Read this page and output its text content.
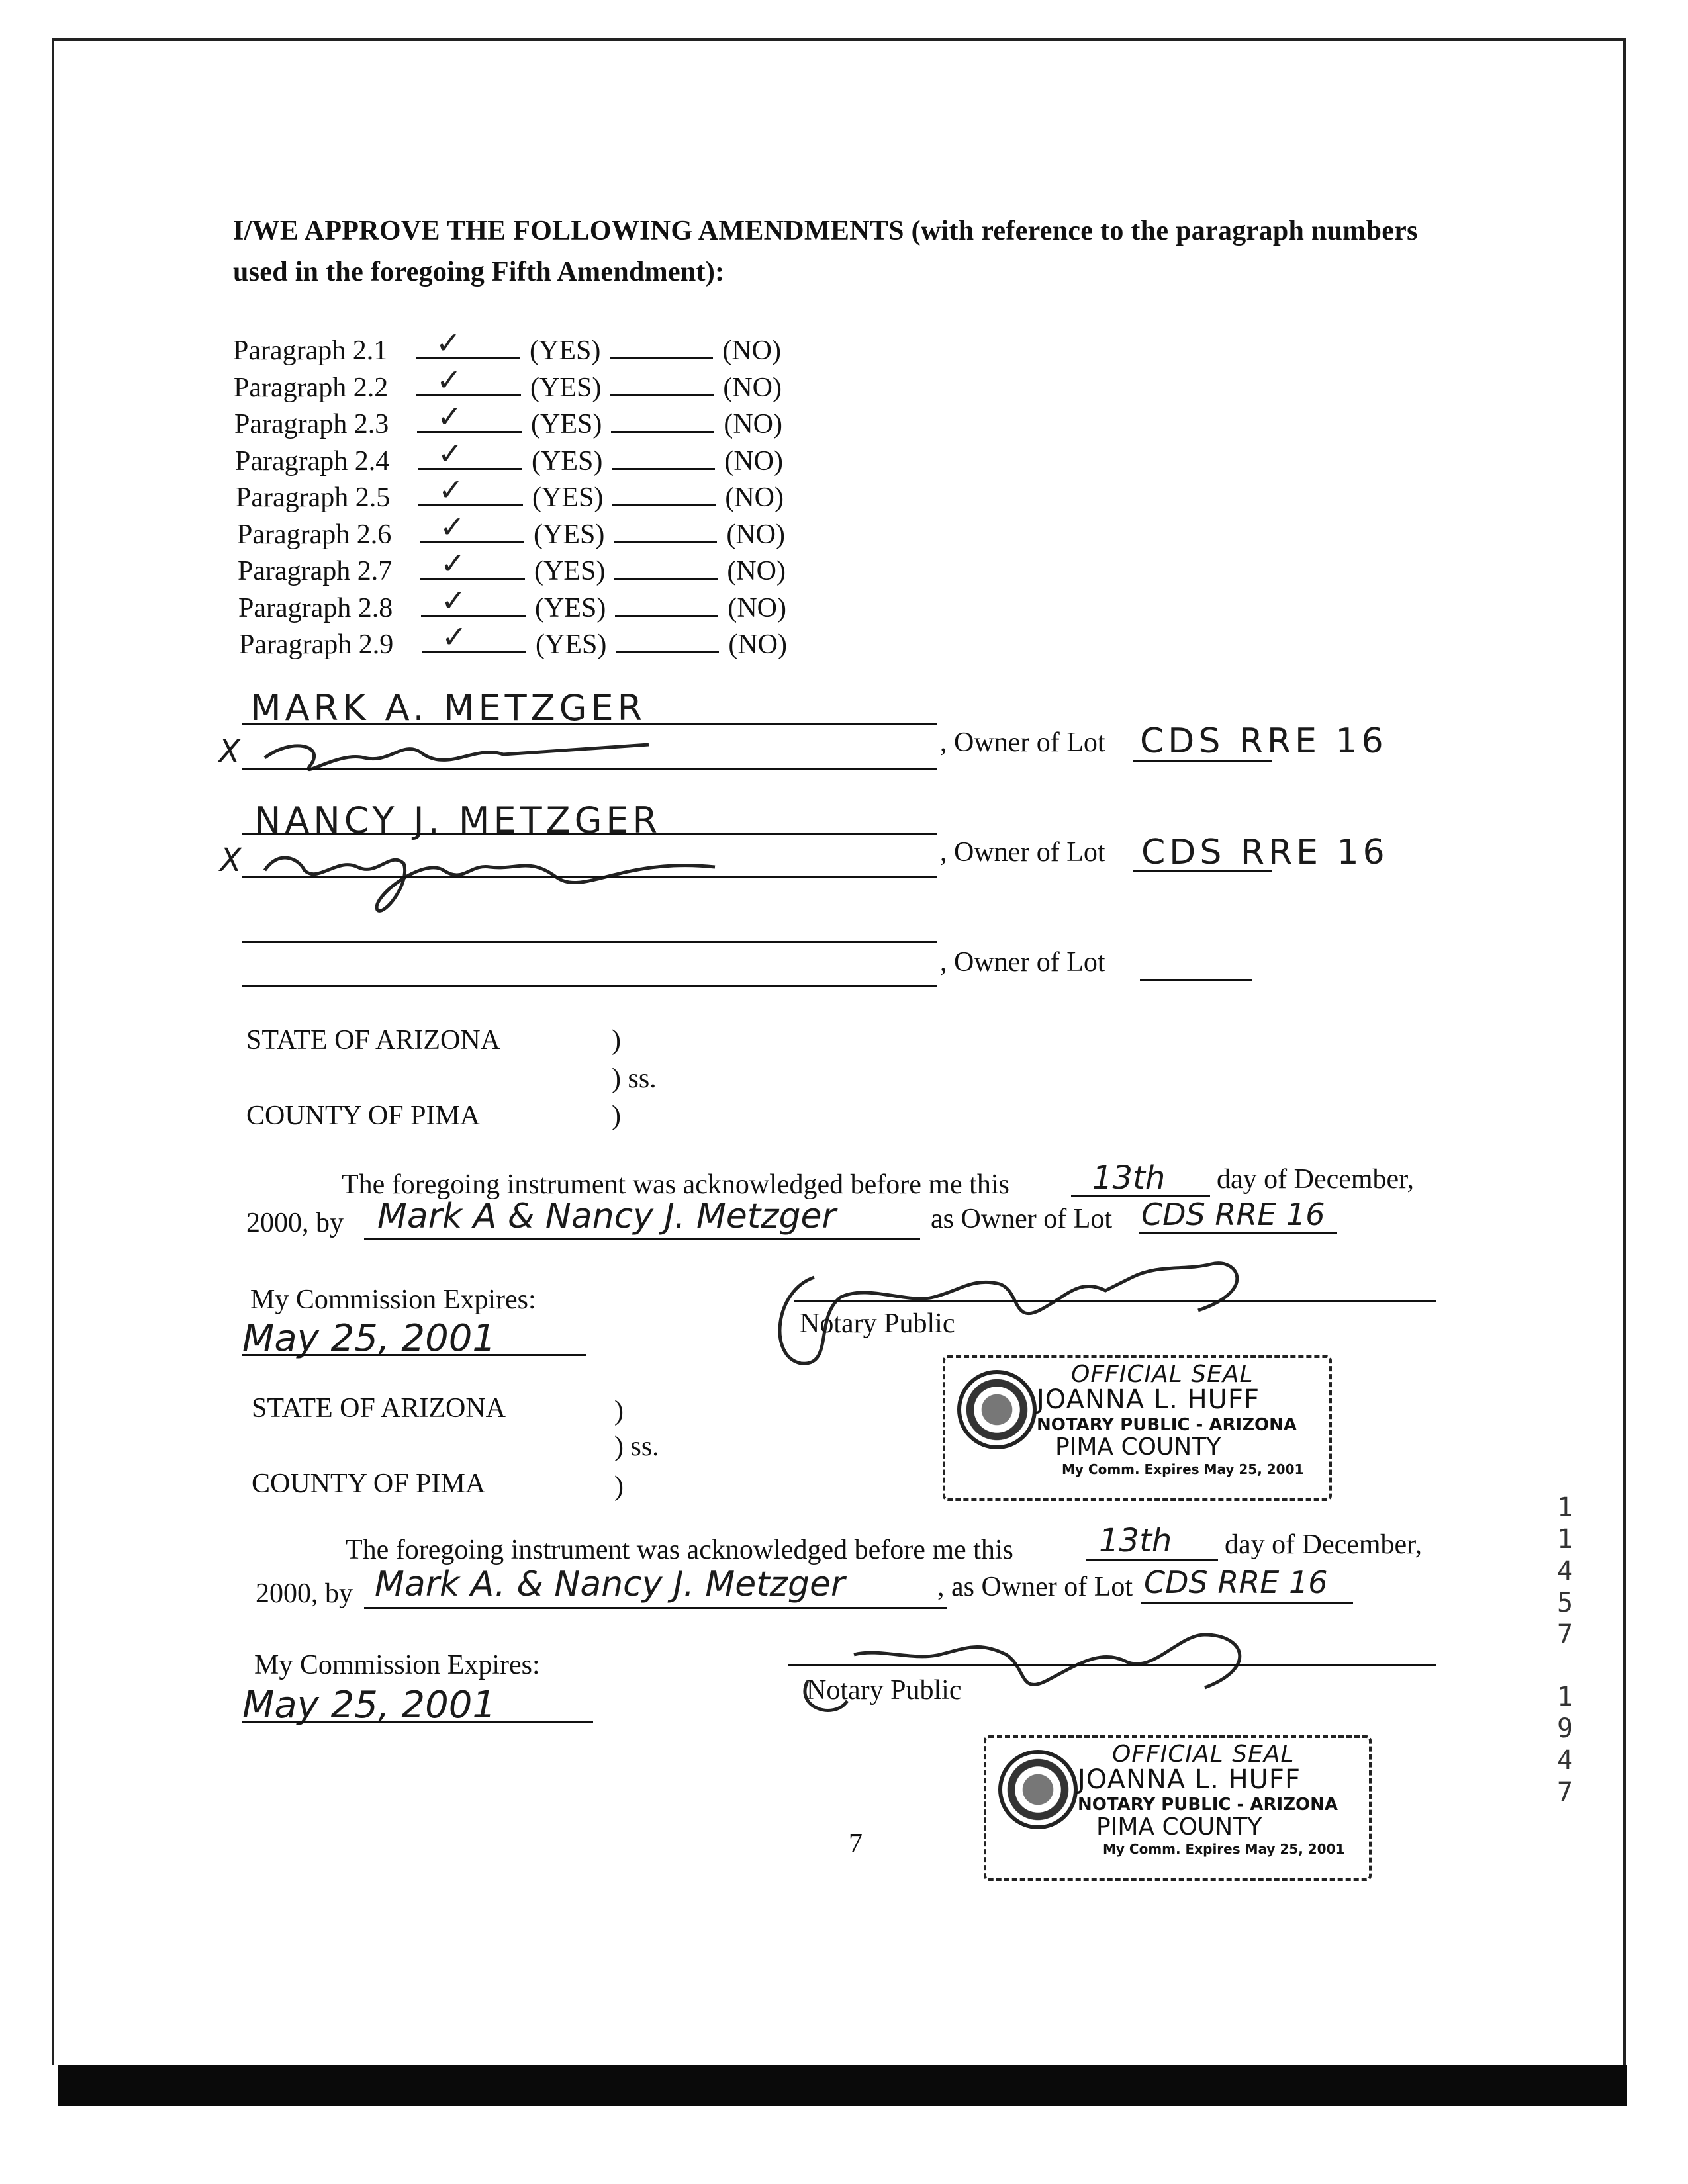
I/WE APPROVE THE FOLLOWING AMENDMENTS (with reference to the paragraph numbers used in the foregoing Fifth Amendment):
Paragraph 2.1 ✓ (YES)	(NO)
Paragraph 2.2 ✓ (YES)	(NO)
Paragraph 2.3 ✓ (YES)	(NO)
Paragraph 2.4 ✓ (YES)	(NO)
Paragraph 2.5 ✓ (YES)	(NO)
Paragraph 2.6 ✓ (YES)	(NO)
Paragraph 2.7 ✓ (YES)	(NO)
Paragraph 2.8 ✓ (YES)	(NO)
Paragraph 2.9 ✓ (YES)	(NO)
MARK A. METZGER
X	, Owner of Lot CDS RRE 16
NANCY J. METZGER
X	, Owner of Lot CDS RRE 16
, Owner of Lot
STATE OF ARIZONA	)
) ss.
COUNTY OF PIMA	)
The foregoing instrument was acknowledged before me this	13th day of December,
2000, by Mark A & Nancy J. Metzger	as Owner of Lot CDS RRE 16
My Commission Expires:
May 25, 2001	Notary Public
OFFICIAL SEAL
JOANNA L. HUFF
NOTARY PUBLIC - ARIZONA
PIMA COUNTY
My Comm. Expires May 25, 2001
STATE OF ARIZONA	)
) ss.
COUNTY OF PIMA	)
The foregoing instrument was acknowledged before me this	13th day of December,
2000, by Mark A. & Nancy J. Metzger	, as Owner of Lot CDS RRE 16
My Commission Expires:
May 25, 2001	Notary Public
OFFICIAL SEAL
JOANNA L. HUFF
NOTARY PUBLIC - ARIZONA
PIMA COUNTY
My Comm. Expires May 25, 2001
7
1
1
4
5
7
1
9
4
7
